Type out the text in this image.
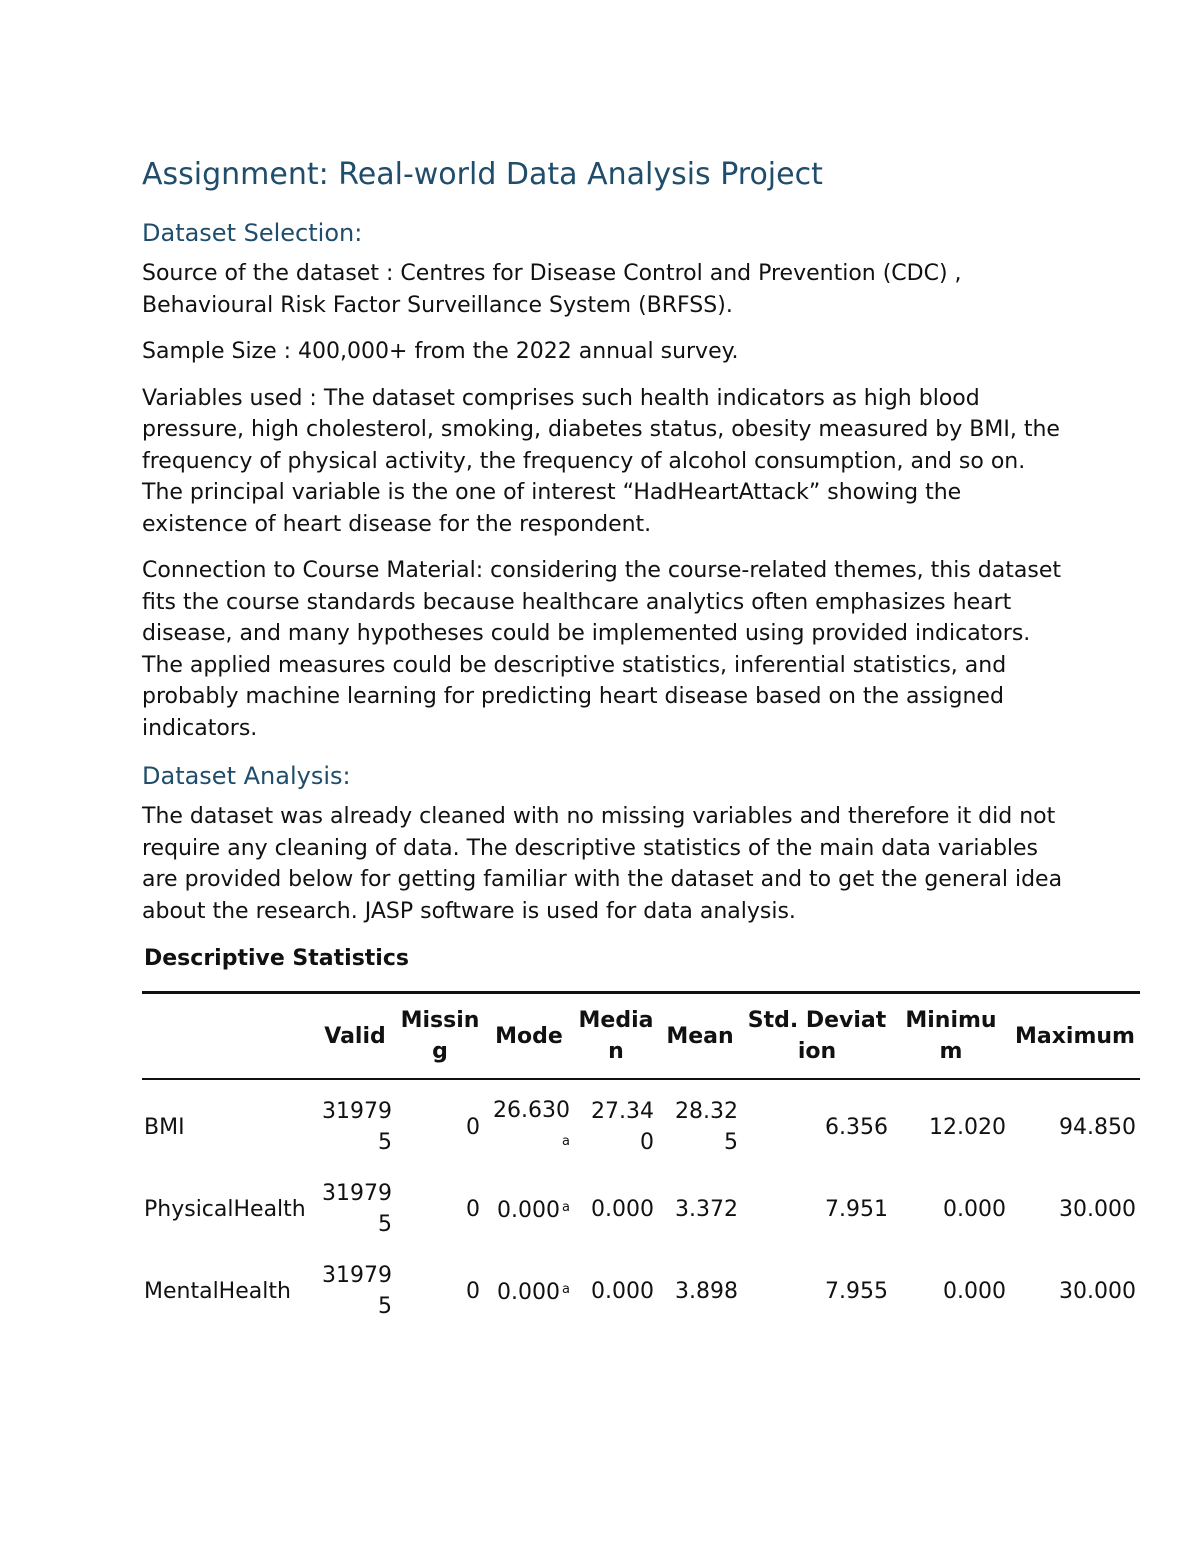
Assignment: Real-world Data Analysis Project
Dataset Selection:

Source of the dataset : Centres for Disease Control and Prevention (CDC) , Behavioural Risk Factor Surveillance System (BRFSS).

Sample Size : 400,000+ from the 2022 annual survey.

Variables used : The dataset comprises such health indicators as high blood pressure, high cholesterol, smoking, diabetes status, obesity measured by BMI, the frequency of physical activity, the frequency of alcohol consumption, and so on. The principal variable is the one of interest “HadHeartAttack” showing the existence of heart disease for the respondent.

Connection to Course Material: considering the course-related themes, this dataset fits the course standards because healthcare analytics often emphasizes heart disease, and many hypotheses could be implemented using provided indicators. The applied measures could be descriptive statistics, inferential statistics, and probably machine learning for predicting heart disease based on the assigned indicators.

Dataset Analysis:

The dataset was already cleaned with no missing variables and therefore it did not require any cleaning of data. The descriptive statistics of the main data variables are provided below for getting familiar with the dataset and to get the general idea about the research. JASP software is used for data analysis.

Descriptive Statistics
	Valid	Missing	Mode	Median	Mean	Std. Deviation	Minimum	Maximum
BMI	319795	0	26.630$^a$	27.340	28.325	6.356	12.020	94.850
PhysicalHealth	319795	0	0.000 $^a$	0.000	3.372	7.951	0.000	30.000
MentalHealth	319795	0	0.000 $^a$	0.000	3.898	7.955	0.000	30.000
